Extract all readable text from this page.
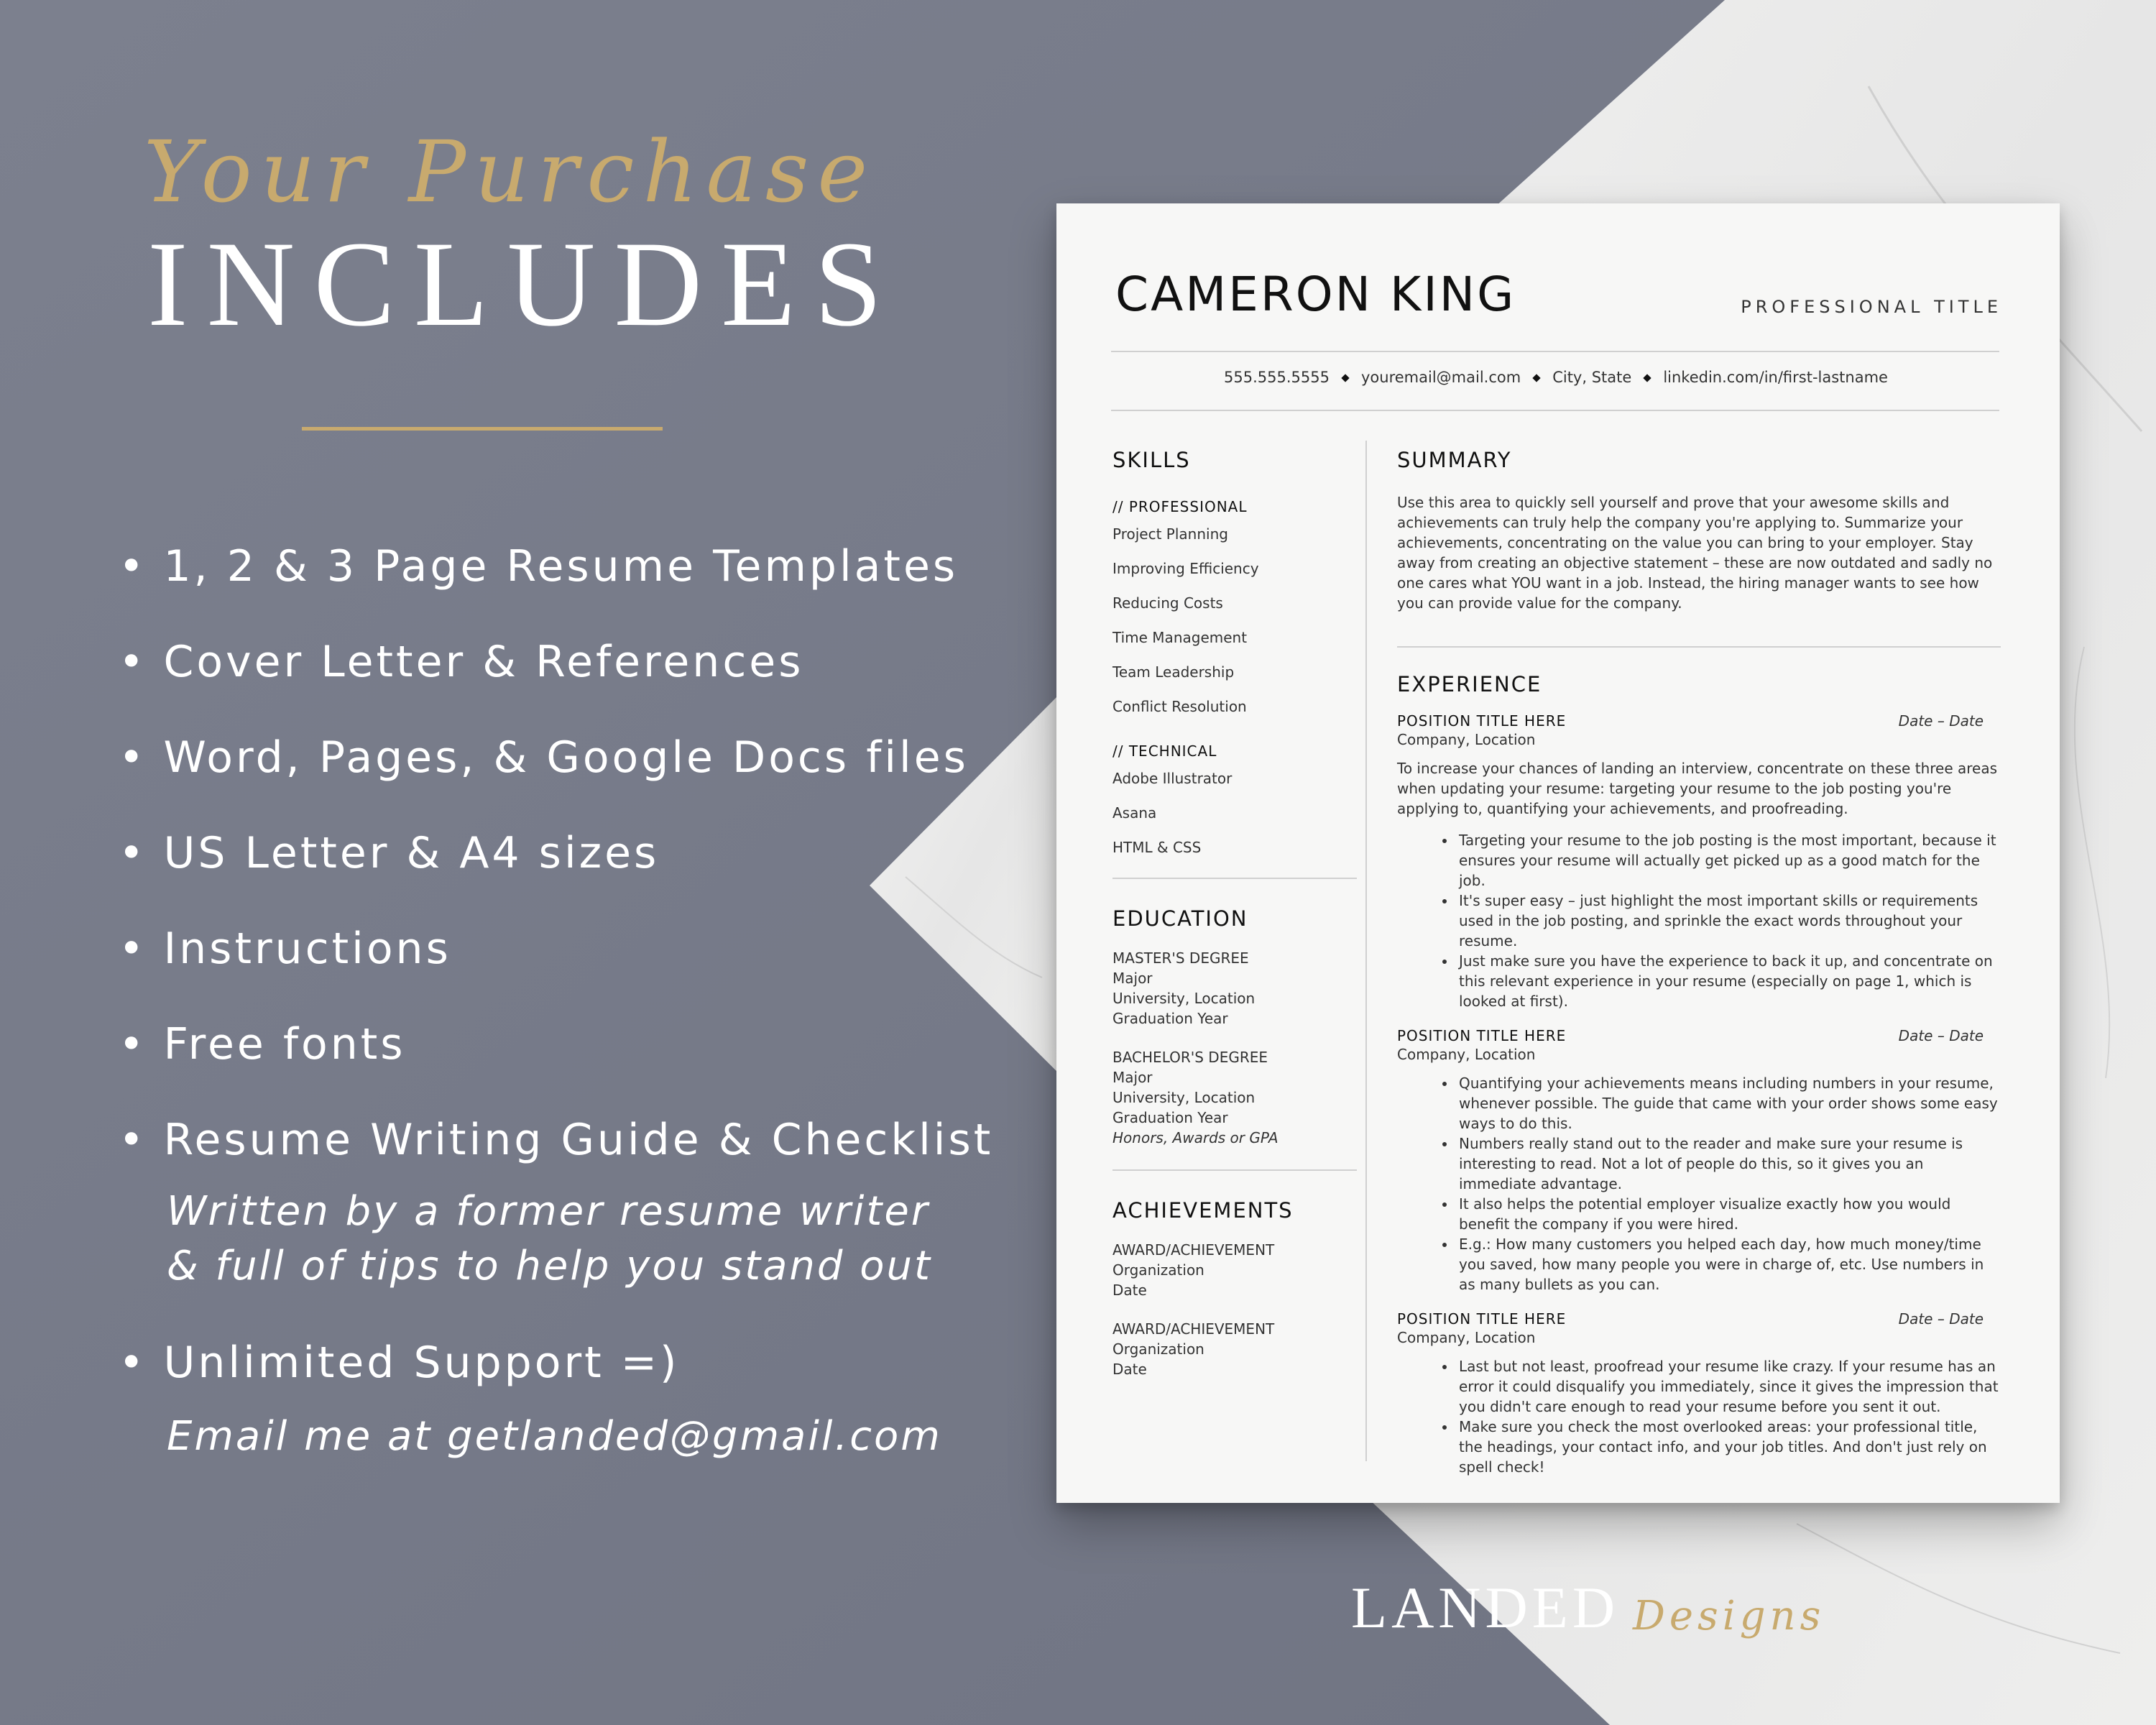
Your Purchase
INCLUDES
• 1, 2 & 3 Page Resume Templates
• Cover Letter & References
• Word, Pages, & Google Docs files
• US Letter & A4 sizes
• Instructions
• Free fonts
• Resume Writing Guide & Checklist
Written by a former resume writer
& full of tips to help you stand out
• Unlimited Support =)
Email me at getlanded@gmail.com
CAMERON KING	PROFESSIONAL TITLE
555.555.5555 youremail@mail.com City, State linkedin.com/in/first-lastname
SKILLS
// PROFESSIONAL
Project Planning
Improving Efficiency
Reducing Costs
Time Management
Team Leadership
Conflict Resolution
// TECHNICAL
Adobe Illustrator
Asana
HTML & CSS
EDUCATION
MASTER'S DEGREE
Major
University, Location
Graduation Year
BACHELOR'S DEGREE
Major
University, Location
Graduation Year
Honors, Awards or GPA
ACHIEVEMENTS
AWARD/ACHIEVEMENT
Organization
Date
AWARD/ACHIEVEMENT
Organization
Date
SUMMARY

Use this area to quickly sell yourself and prove that your awesome skills and achievements can truly help the company you're applying to. Summarize your achievements, concentrating on the value you can bring to your employer. Stay away from creating an objective statement – these are now outdated and sadly no one cares what YOU want in a job. Instead, the hiring manager wants to see how you can provide value for the company.

EXPERIENCE
POSITION TITLE HERE	Date – Date
Company, Location

To increase your chances of landing an interview, concentrate on these three areas when updating your resume: targeting your resume to the job posting you're applying to, quantifying your achievements, and proofreading.

• Targeting your resume to the job posting is the most important, because it ensures your resume will actually get picked up as a good match for the job.
• It's super easy – just highlight the most important skills or requirements used in the job posting, and sprinkle the exact words throughout your resume.
• Just make sure you have the experience to back it up, and concentrate on this relevant experience in your resume (especially on page 1, which is looked at first).
POSITION TITLE HERE	Date – Date
Company, Location
• Quantifying your achievements means including numbers in your resume, whenever possible. The guide that came with your order shows some easy ways to do this.
• Numbers really stand out to the reader and make sure your resume is interesting to read. Not a lot of people do this, so it gives you an immediate advantage.
• It also helps the potential employer visualize exactly how you would benefit the company if you were hired.
• E.g.: How many customers you helped each day, how much money/time you saved, how many people you were in charge of, etc. Use numbers in as many bullets as you can.
POSITION TITLE HERE	Date – Date
Company, Location
• Last but not least, proofread your resume like crazy. If your resume has an error it could disqualify you immediately, since it gives the impression that you didn't care enough to read your resume before you sent it out.
• Make sure you check the most overlooked areas: your professional title, the headings, your contact info, and your job titles. And don't just rely on spell check!
LANDED Designs
